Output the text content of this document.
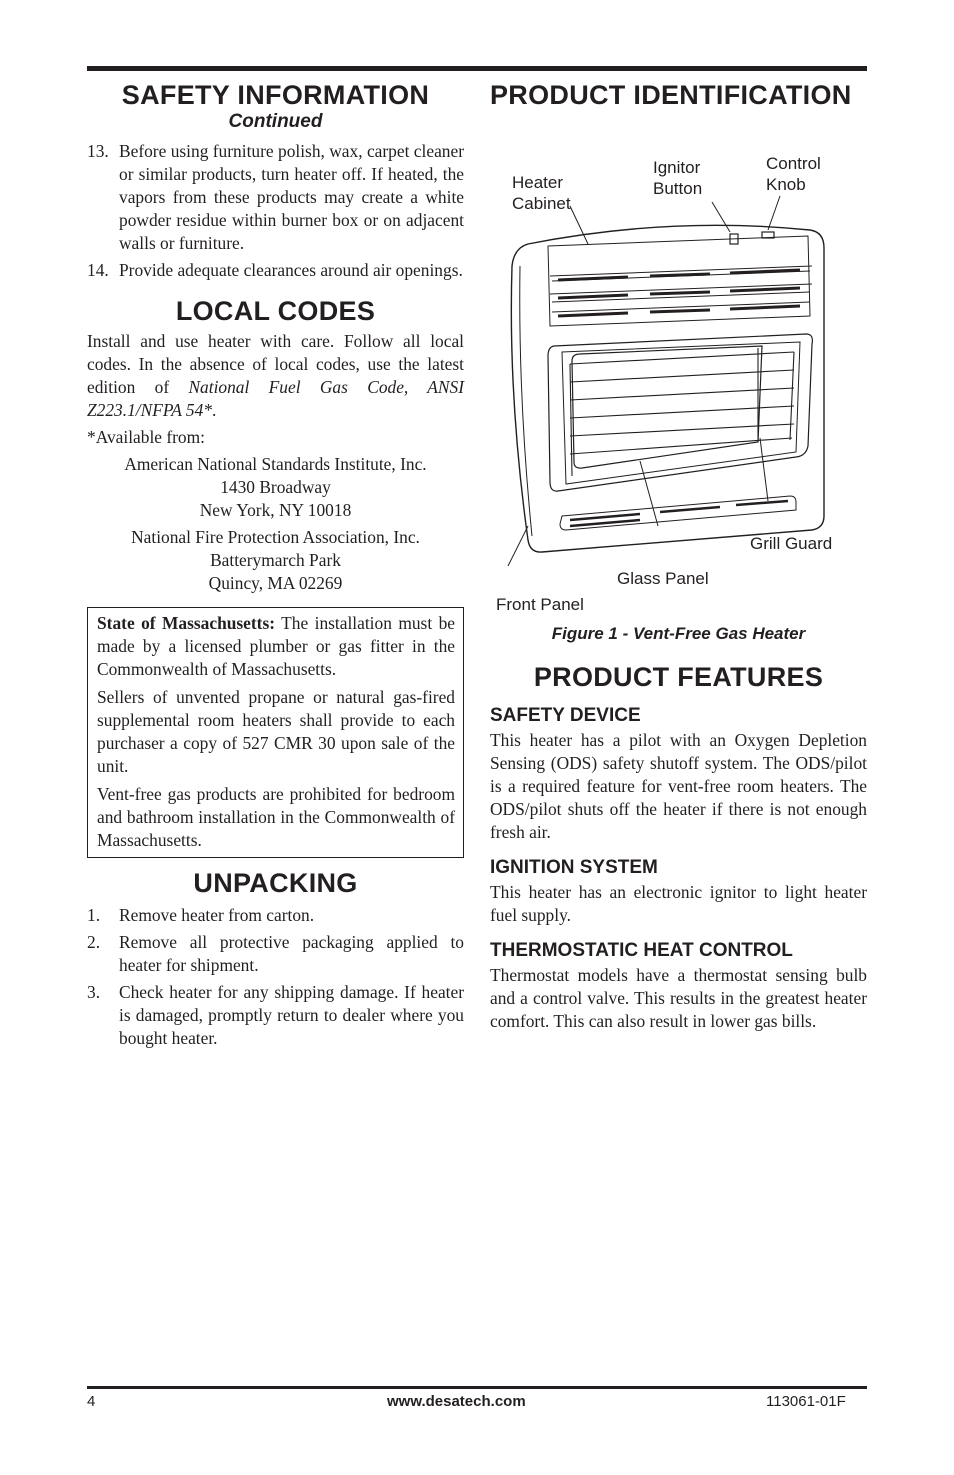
SAFETY INFORMATION
Continued
13. Before using furniture polish, wax, carpet cleaner or similar products, turn heater off. If heated, the vapors from these products may create a white powder residue within burner box or on adjacent walls or furniture.
14. Provide adequate clearances around air openings.
LOCAL CODES

Install and use heater with care. Follow all local codes. In the absence of local codes, use the latest edition of National Fuel Gas Code, ANSI Z223.1/NFPA 54*.

*Available from:

American National Standards Institute, Inc.
1430 Broadway
New York, NY 10018
National Fire Protection Association, Inc.
Batterymarch Park
Quincy, MA 02269

State of Massachusetts: The installation must be made by a licensed plumber or gas fitter in the Commonwealth of Massachusetts.

Sellers of unvented propane or natural gas-fired supplemental room heaters shall provide to each purchaser a copy of 527 CMR 30 upon sale of the unit.

Vent-free gas products are prohibited for bedroom and bathroom installation in the Commonwealth of Massachusetts.

UNPACKING
1.	Remove heater from carton.
2.	Remove all protective packaging applied to heater for shipment.
3.	Check heater for any shipping damage. If heater is damaged, promptly return to dealer where you bought heater.
PRODUCT IDENTIFICATION
Heater
Cabinet
Ignitor
Button
Control
Knob
Grill Guard
Glass Panel
Front Panel
Figure 1 - Vent-Free Gas Heater
PRODUCT FEATURES
SAFETY DEVICE

This heater has a pilot with an Oxygen Depletion Sensing (ODS) safety shutoff system. The ODS/pilot is a required feature for vent-free room heaters. The ODS/pilot shuts off the heater if there is not enough fresh air.

IGNITION SYSTEM

This heater has an electronic ignitor to light heater fuel supply.

THERMOSTATIC HEAT CONTROL

Thermostat models have a thermostat sensing bulb and a control valve. This results in the greatest heater comfort. This can also result in lower gas bills.

4	www.desatech.com	113061-01F
